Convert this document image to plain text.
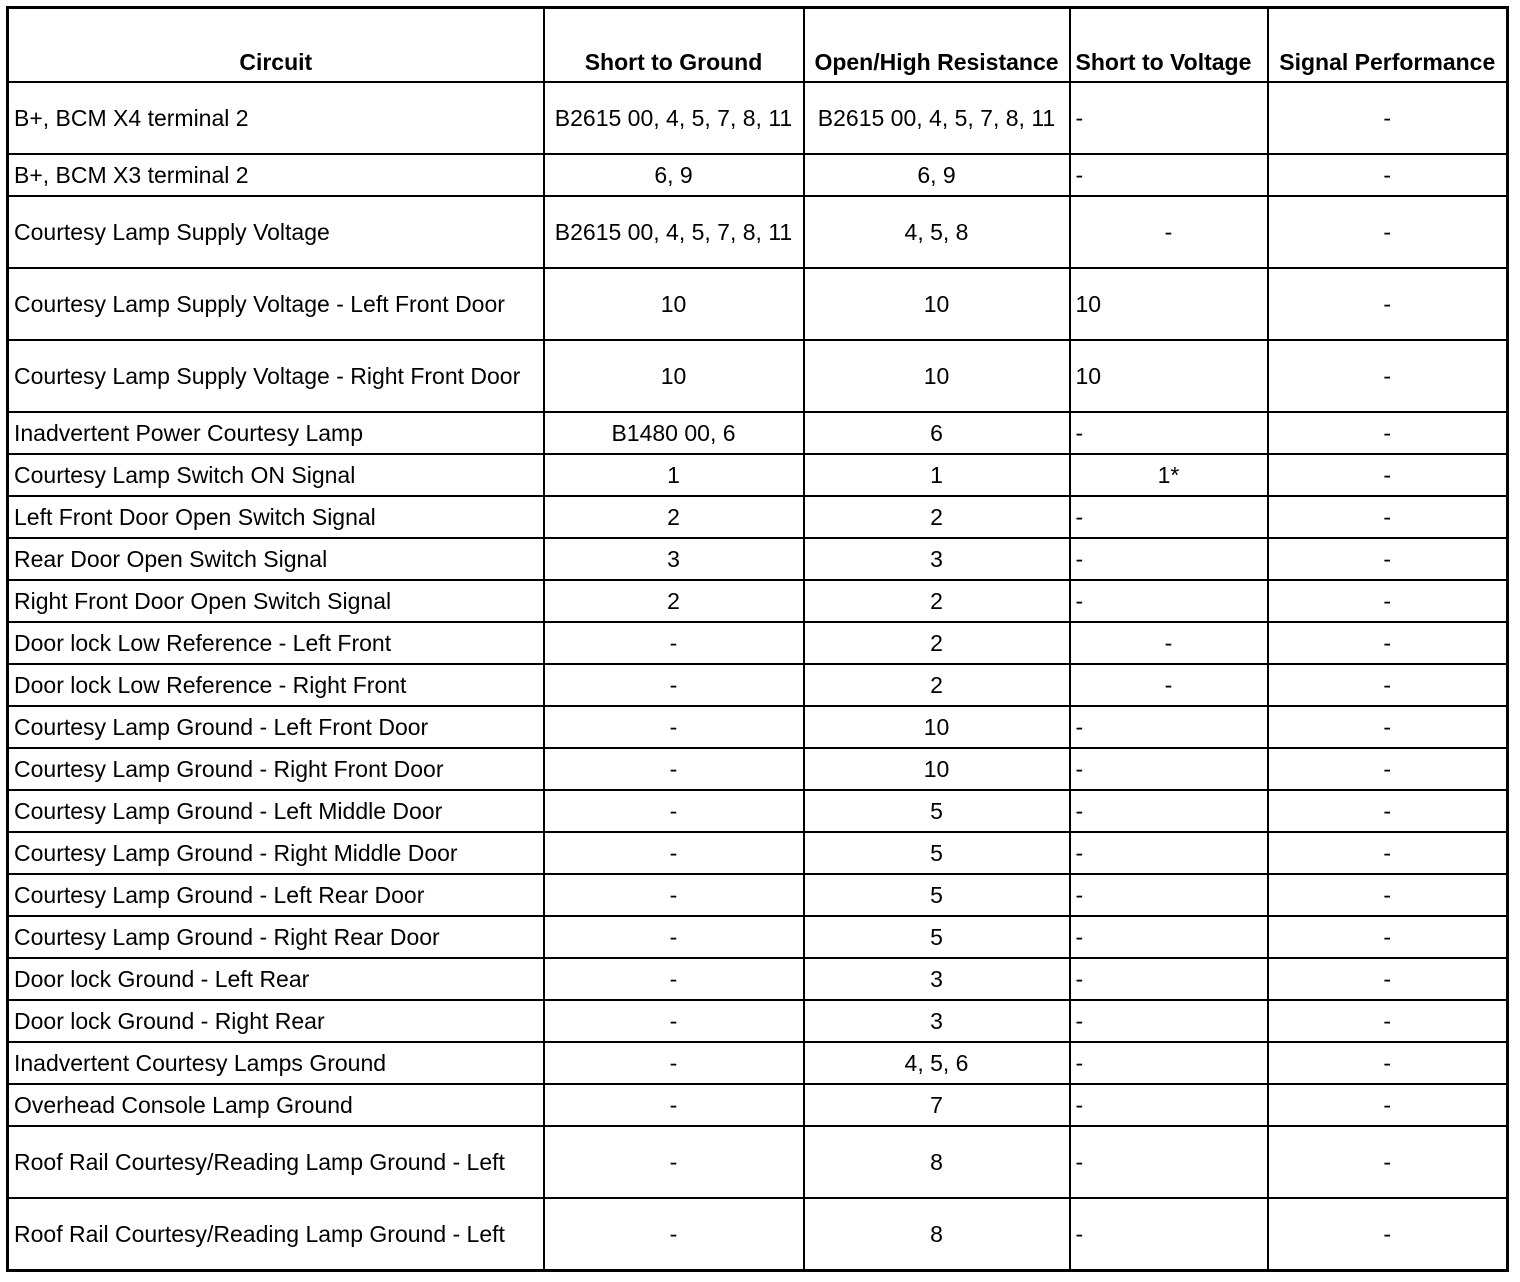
Circuit	Short to Ground	Open/High Resistance	Short to Voltage	Signal Performance
B+, BCM X4 terminal 2	B2615 00, 4, 5, 7, 8, 11	B2615 00, 4, 5, 7, 8, 11	-	-
B+, BCM X3 terminal 2	6, 9	6, 9	-	-
Courtesy Lamp Supply Voltage	B2615 00, 4, 5, 7, 8, 11	4, 5, 8	-	-
Courtesy Lamp Supply Voltage - Left Front Door	10	10	10	-
Courtesy Lamp Supply Voltage - Right Front Door	10	10	10	-
Inadvertent Power Courtesy Lamp	B1480 00, 6	6	-	-
Courtesy Lamp Switch ON Signal	1	1	1*	-
Left Front Door Open Switch Signal	2	2	-	-
Rear Door Open Switch Signal	3	3	-	-
Right Front Door Open Switch Signal	2	2	-	-
Door lock Low Reference - Left Front	-	2	-	-
Door lock Low Reference - Right Front	-	2	-	-
Courtesy Lamp Ground - Left Front Door	-	10	-	-
Courtesy Lamp Ground - Right Front Door	-	10	-	-
Courtesy Lamp Ground - Left Middle Door	-	5	-	-
Courtesy Lamp Ground - Right Middle Door	-	5	-	-
Courtesy Lamp Ground - Left Rear Door	-	5	-	-
Courtesy Lamp Ground - Right Rear Door	-	5	-	-
Door lock Ground - Left Rear	-	3	-	-
Door lock Ground - Right Rear	-	3	-	-
Inadvertent Courtesy Lamps Ground	-	4, 5, 6	-	-
Overhead Console Lamp Ground	-	7	-	-
Roof Rail Courtesy/Reading Lamp Ground - Left	-	8	-	-
Roof Rail Courtesy/Reading Lamp Ground - Left	-	8	-	-
